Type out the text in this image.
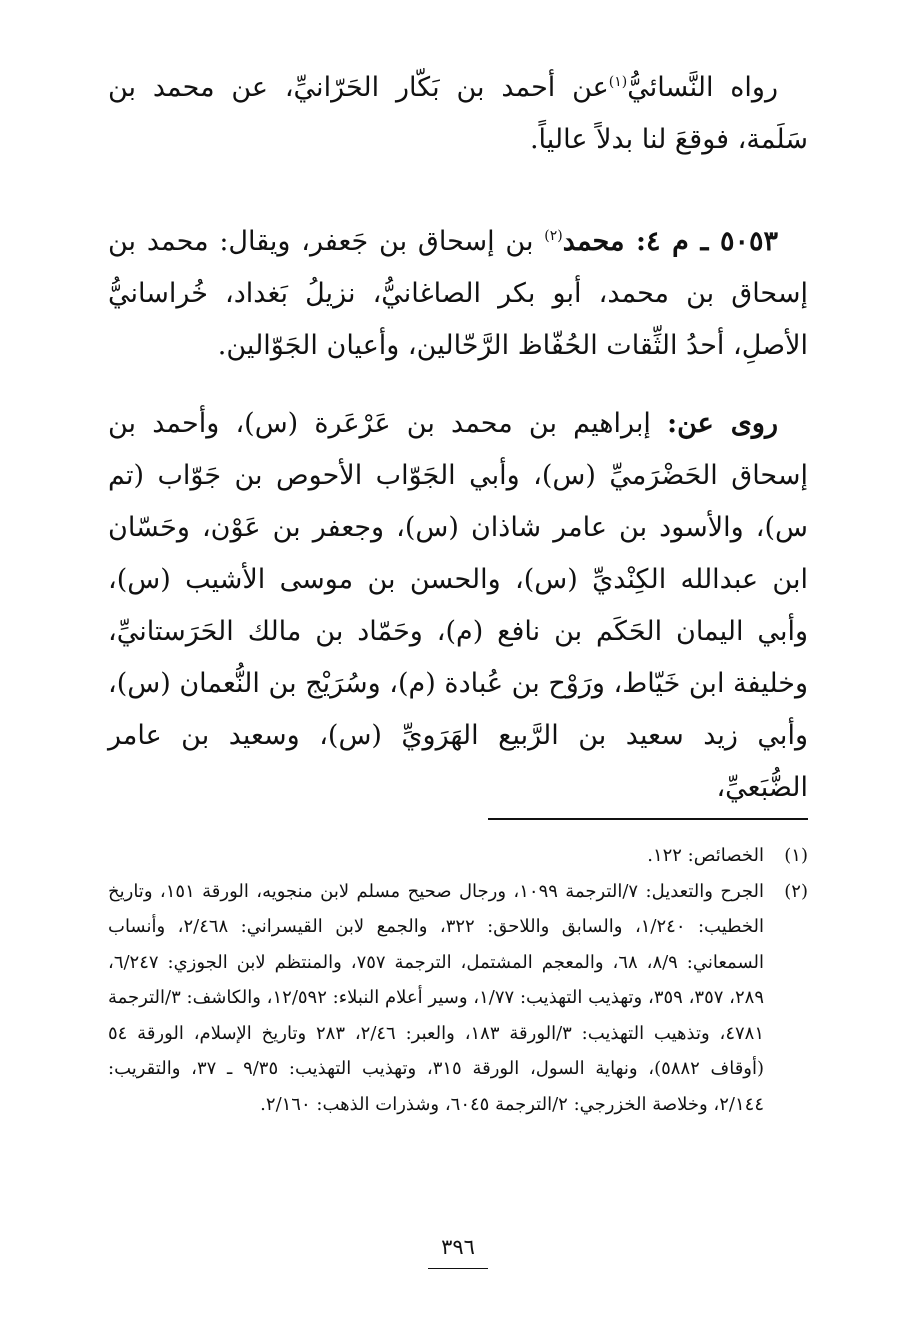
رواه النَّسائيُّ$^{(١)}$عن أحمد بن بَكّار الحَرّانيِّ، عن محمد بن سَلَمة، فوقعَ لنا بدلاً عالياً.

٥٠٥٣ ـ م ٤: محمد$^{(٢)}$ بن إسحاق بن جَعفر، ويقال: محمد بن إسحاق بن محمد، أبو بكر الصاغانيُّ، نزيلُ بَغداد، خُراسانيُّ الأصلِ، أحدُ الثِّقات الحُفّاظ الرَّحّالين، وأعيان الجَوّالين.

روى عن: إبراهيم بن محمد بن عَرْعَرة (س)، وأحمد بن إسحاق الحَضْرَميِّ (س)، وأبي الجَوّاب الأحوص بن جَوّاب (تم س)، والأسود بن عامر شاذان (س)، وجعفر بن عَوْن، وحَسّان ابن عبدالله الكِنْديِّ (س)، والحسن بن موسى الأشيب (س)، وأبي اليمان الحَكَم بن نافع (م)، وحَمّاد بن مالك الحَرَستانيِّ، وخليفة ابن خَيّاط، ورَوْح بن عُبادة (م)، وسُرَيْج بن النُّعمان (س)، وأبي زيد سعيد بن الرَّبيع الهَرَويِّ (س)، وسعيد بن عامر الضُّبَعيِّ،

(١)
الخصائص: ١٢٢.
(٢)
الجرح والتعديل: ٧/الترجمة ١٠٩٩، ورجال صحيح مسلم لابن منجويه، الورقة ١٥١، وتاريخ الخطيب: ١/٢٤٠، والسابق واللاحق: ٣٢٢، والجمع لابن القيسراني: ٢/٤٦٨، وأنساب السمعاني: ٨/٩، ٦٨، والمعجم المشتمل، الترجمة ٧٥٧، والمنتظم لابن الجوزي: ٦/٢٤٧، ٢٨٩، ٣٥٧، ٣٥٩، وتهذيب التهذيب: ١/٧٧، وسير أعلام النبلاء: ١٢/٥٩٢، والكاشف: ٣/الترجمة ٤٧٨١، وتذهيب التهذيب: ٣/الورقة ١٨٣، والعبر: ٢/٤٦، ٢٨٣ وتاريخ الإسلام، الورقة ٥٤ (أوقاف ٥٨٨٢)، ونهاية السول، الورقة ٣١٥، وتهذيب التهذيب: ٩/٣٥ ـ ٣٧، والتقريب: ٢/١٤٤، وخلاصة الخزرجي: ٢/الترجمة ٦٠٤٥، وشذرات الذهب: ٢/١٦٠.
٣٩٦
